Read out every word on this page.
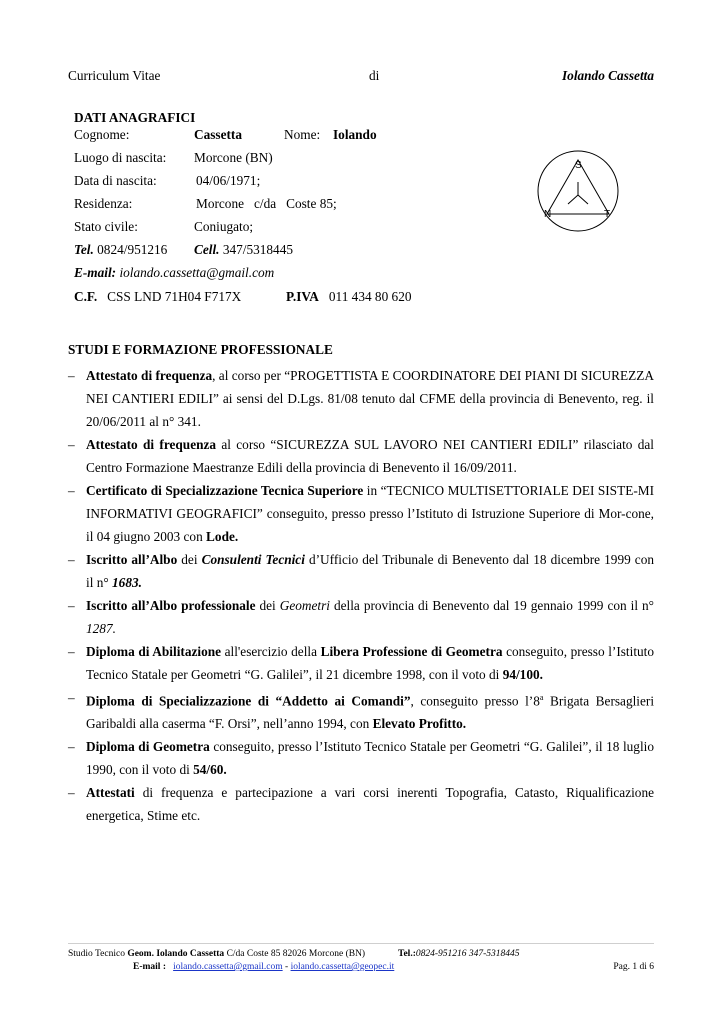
Curriculum Vitae	di	Iolando Cassetta
DATI ANAGRAFICI
Cognome:	Cassetta	Nome: Iolando
Luogo di nascita: Morcone (BN)
Data di nascita:	04/06/1971;
Residenza:	Morcone   c/da   Coste 85;
Stato civile:	Coniugato;
Tel. 0824/951216 Cell. 347/5318445
E-mail: iolando.cassetta@gmail.com
C.F. CSS LND 71H04 F717X	P.IVA 011 434 80 620
S
N	T
STUDI E FORMAZIONE PROFESSIONALE
– Attestato di frequenza, al corso per “PROGETTISTA E COORDINATORE DEI PIANI DI SICUREZZA NEI CANTIERI EDILI” ai sensi del D.Lgs. 81/08 tenuto dal CFME della provincia di Benevento, reg. il 20/06/2011 al n° 341.
– Attestato di frequenza al corso “SICUREZZA SUL LAVORO NEI CANTIERI EDILI” rilasciato dal Centro Formazione Maestranze Edili della provincia di Benevento il 16/09/2011.
– Certificato di Specializzazione Tecnica Superiore in “TECNICO MULTISETTORIALE DEI SISTE-MI INFORMATIVI GEOGRAFICI” conseguito, presso presso l’Istituto di Istruzione Superiore di Mor-cone, il 04 giugno 2003 con Lode.
– Iscritto all’Albo dei Consulenti Tecnici d’Ufficio del Tribunale di Benevento dal 18 dicembre 1999 con il n° 1683.
– Iscritto all’Albo professionale dei Geometri della provincia di Benevento dal 19 gennaio 1999 con il n° 1287.
– Diploma di Abilitazione all'esercizio della Libera Professione di Geometra conseguito, presso l’Istituto Tecnico Statale per Geometri “G. Galilei”, il 21 dicembre 1998, con il voto di 94/100.
– Diploma di Specializzazione di “Addetto ai Comandi”, conseguito presso l’8$^a$ Brigata Bersaglieri Garibaldi alla caserma “F. Orsi”, nell’anno 1994, con Elevato Profitto.
– Diploma di Geometra conseguito, presso l’Istituto Tecnico Statale per Geometri “G. Galilei”, il 18 luglio 1990, con il voto di 54/60.
– Attestati di frequenza e partecipazione a vari corsi inerenti Topografia, Catasto, Riqualificazione energetica, Stime etc.
Studio Tecnico Geom. Iolando Cassetta C/da Coste 85 82026 Morcone (BN)	Tel.:0824-951216 347-5318445
E-mail : iolando.cassetta@gmail.com - iolando.cassetta@geopec.it	Pag. 1 di 6
